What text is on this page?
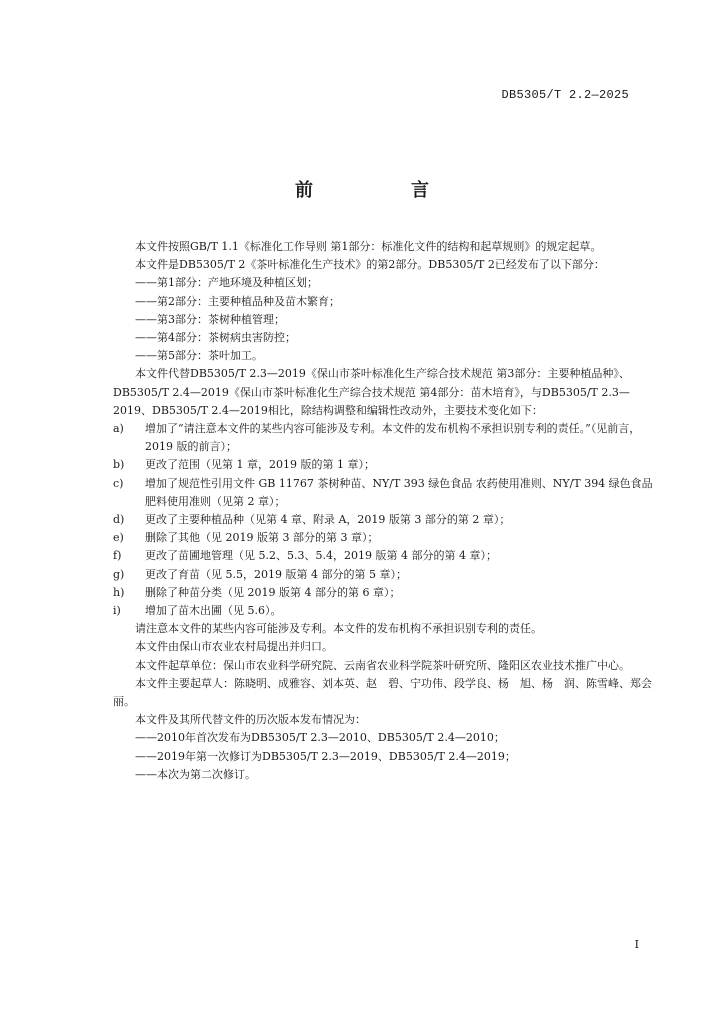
DB5305/T 2.2—2025
前　言

本文件按照GB/T 1.1《标准化工作导则 第1部分：标准化文件的结构和起草规则》的规定起草。

本文件是DB5305/T 2《茶叶标准化生产技术》的第2部分。DB5305/T 2已经发布了以下部分：

——第1部分：产地环境及种植区划；

——第2部分：主要种植品种及苗木繁育；

——第3部分：茶树种植管理；

——第4部分：茶树病虫害防控；

——第5部分：茶叶加工。

本文件代替DB5305/T 2.3—2019《保山市茶叶标准化生产综合技术规范 第3部分：主要种植品种》、DB5305/T 2.4—2019《保山市茶叶标准化生产综合技术规范 第4部分：苗木培育》，与DB5305/T 2.3—2019、DB5305/T 2.4—2019相比，除结构调整和编辑性改动外，主要技术变化如下：

a)	增加了“请注意本文件的某些内容可能涉及专利。本文件的发布机构不承担识别专利的责任。”（见前言，2019 版的前言）；
b)	更改了范围（见第 1 章，2019 版的第 1 章）；
c)	增加了规范性引用文件 GB 11767 茶树种苗、NY/T 393 绿色食品 农药使用准则、NY/T 394 绿色食品 肥料使用准则（见第 2 章）；
d)	更改了主要种植品种（见第 4 章、附录 A，2019 版第 3 部分的第 2 章）；
e)	删除了其他（见 2019 版第 3 部分的第 3 章）；
f)	更改了苗圃地管理（见 5.2、5.3、5.4，2019 版第 4 部分的第 4 章）；
g)	更改了育苗（见 5.5，2019 版第 4 部分的第 5 章）；
h)	删除了种苗分类（见 2019 版第 4 部分的第 6 章）；
i)	增加了苗木出圃（见 5.6）。

请注意本文件的某些内容可能涉及专利。本文件的发布机构不承担识别专利的责任。

本文件由保山市农业农村局提出并归口。

本文件起草单位：保山市农业科学研究院、云南省农业科学院茶叶研究所、隆阳区农业技术推广中心。

本文件主要起草人：陈晓明、成雅容、刘本英、赵　碧、宁功伟、段学良、杨　旭、杨　润、陈雪峰、郑会丽。

本文件及其所代替文件的历次版本发布情况为：

——2010年首次发布为DB5305/T 2.3—2010、DB5305/T 2.4—2010；

——2019年第一次修订为DB5305/T 2.3—2019、DB5305/T 2.4—2019；

——本次为第二次修订。

I
